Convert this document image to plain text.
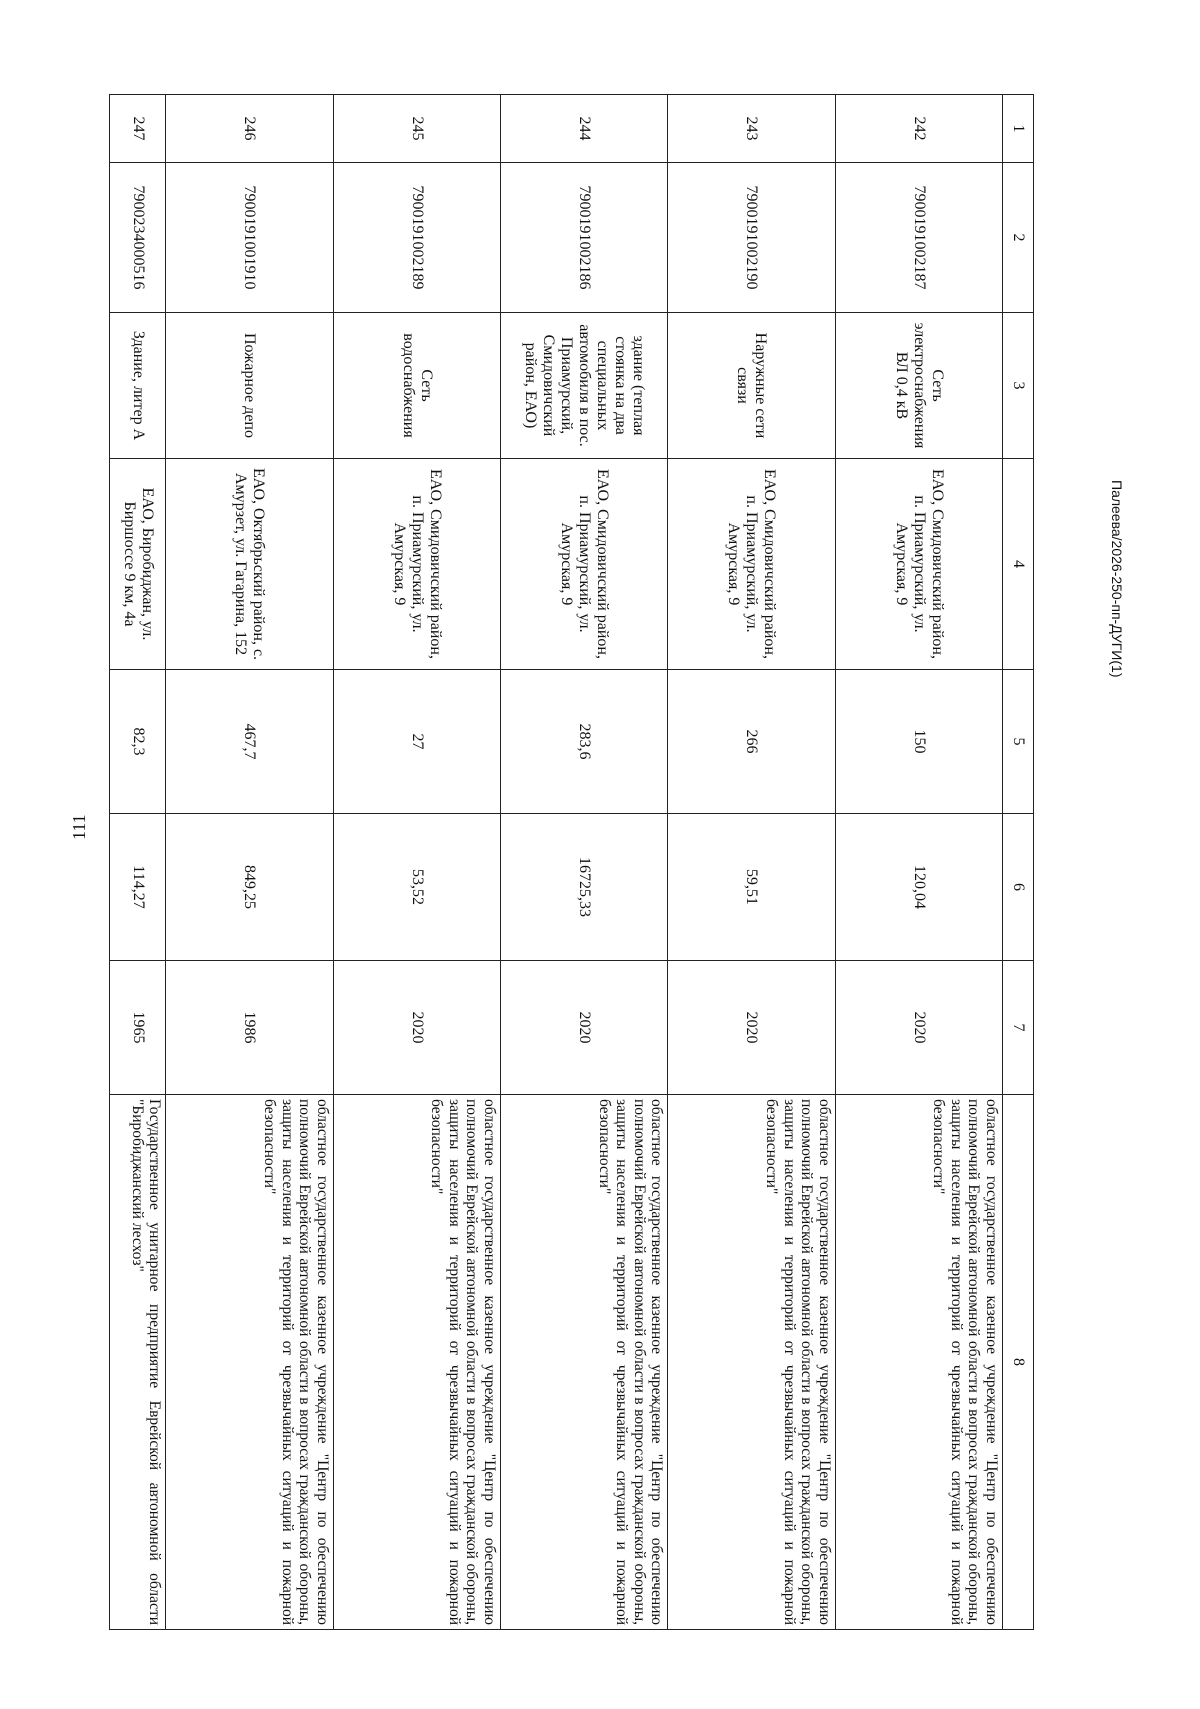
111
1	2	3	4	5	6	7	8
242	7900191002187	Сеть электроснабжения ВЛ 0,4 кВ	ЕАО, Смидовичский район, п. Приамурский, ул. Амурская, 9	150	120,04	2020	областное государственное казенное учреждение "Центр по обеспечению полномочий Еврейской автономной области в вопросах гражданской обороны, защиты населения и территорий от чрезвычайных ситуаций и пожарной безопасности"
243	7900191002190	Наружные сети связи	ЕАО, Смидовичский район, п. Приамурский, ул. Амурская, 9	266	59,51	2020	областное государственное казенное учреждение "Центр по обеспечению полномочий Еврейской автономной области в вопросах гражданской обороны, защиты населения и территорий от чрезвычайных ситуаций и пожарной безопасности"
244	7900191002186	здание (теплая стоянка на два специальных автомобиля в пос. Приамурский, Смидовичский район, ЕАО)	ЕАО, Смидовичский район, п. Приамурский, ул. Амурская, 9	283,6	16725,33	2020	областное государственное казенное учреждение "Центр по обеспечению полномочий Еврейской автономной области в вопросах гражданской обороны, защиты населения и территорий от чрезвычайных ситуаций и пожарной безопасности"
245	7900191002189	Сеть водоснабжения	ЕАО, Смидовичский район, п. Приамурский, ул. Амурская, 9	27	53,52	2020	областное государственное казенное учреждение "Центр по обеспечению полномочий Еврейской автономной области в вопросах гражданской обороны, защиты населения и территорий от чрезвычайных ситуаций и пожарной безопасности"
246	7900191001910	Пожарное депо	ЕАО, Октябрьский район, с. Амурзет, ул. Гагарина, 152	467,7	849,25	1986	областное государственное казенное учреждение "Центр по обеспечению полномочий Еврейской автономной области в вопросах гражданской обороны, защиты населения и территорий от чрезвычайных ситуаций и пожарной безопасности"
247	7900234000516	Здание, литер А	ЕАО, Биробиджан, ул. Биршоссе 9 км, 4а	82,3	114,27	1965	Государственное унитарное предприятие Еврейской автономной области "Биробиджанский лесхоз"
Палеева/2026-250-пп-ДУГИ(1)
